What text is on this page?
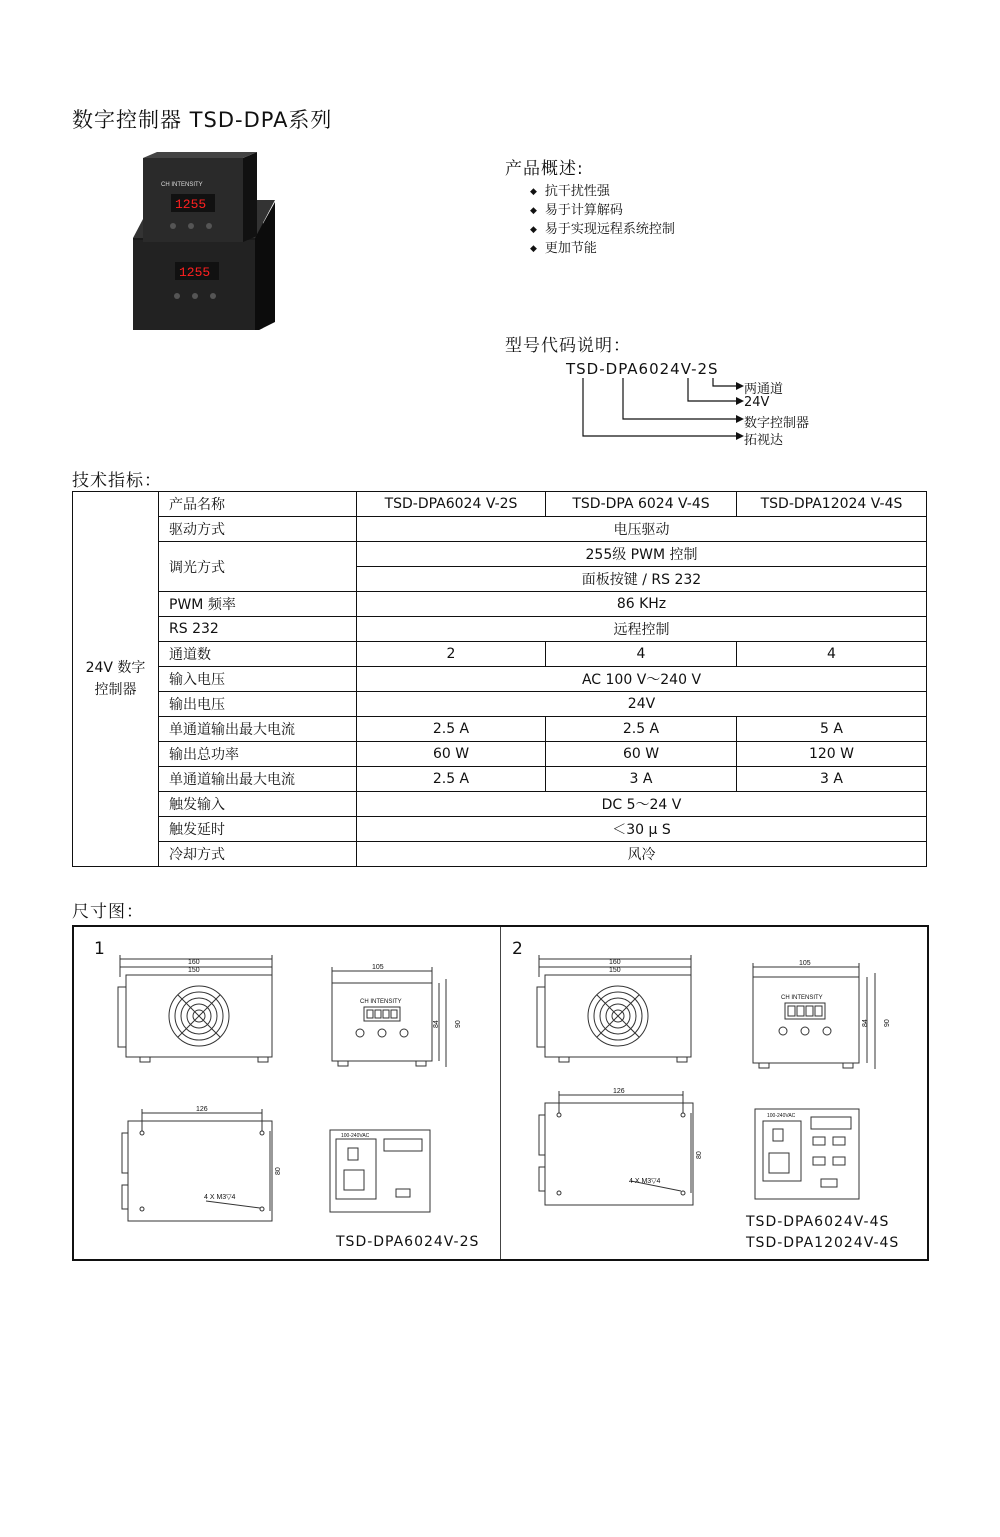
数字控制器 TSD-DPA系列
CH INTENSITY
1255
1255
产品概述:
◆ 抗干扰性强
◆ 易于计算解码
◆ 易于实现远程系统控制
◆ 更加节能
型号代码说明：
TSD-DPA6024V-2S
两通道
24V
数字控制器
拓视达
技术指标：
24V 数字
控制器	产品名称	TSD-DPA6024 V-2S	TSD-DPA 6024 V-4S	TSD-DPA12024 V-4S
	驱动方式	电压驱动		
	调光方式	255级 PWM 控制		
		面板按键 / RS 232		
	PWM 频率	86 KHz		
	RS 232	远程控制		
	通道数	2	4	4
	输入电压	AC 100 V～240 V		
	输出电压	24V		
	单通道输出最大电流	2.5 A	2.5 A	5 A
	输出总功率	60 W	60 W	120 W
	单通道输出最大电流	2.5 A	3 A	3 A
	触发输入	DC 5～24 V		
	触发延时	＜30 μ S		
	冷却方式	风冷		
尺寸图：
1
160
150	105
84 90
126
80
4 X M3▽4
CH INTENSITY
100-240VAC
TSD-DPA6024V-2S
2
160
150
105
84 90
126
80
4 X M3▽4
CH INTENSITY
100-240VAC
TSD-DPA6024V-4S
TSD-DPA12024V-4S
